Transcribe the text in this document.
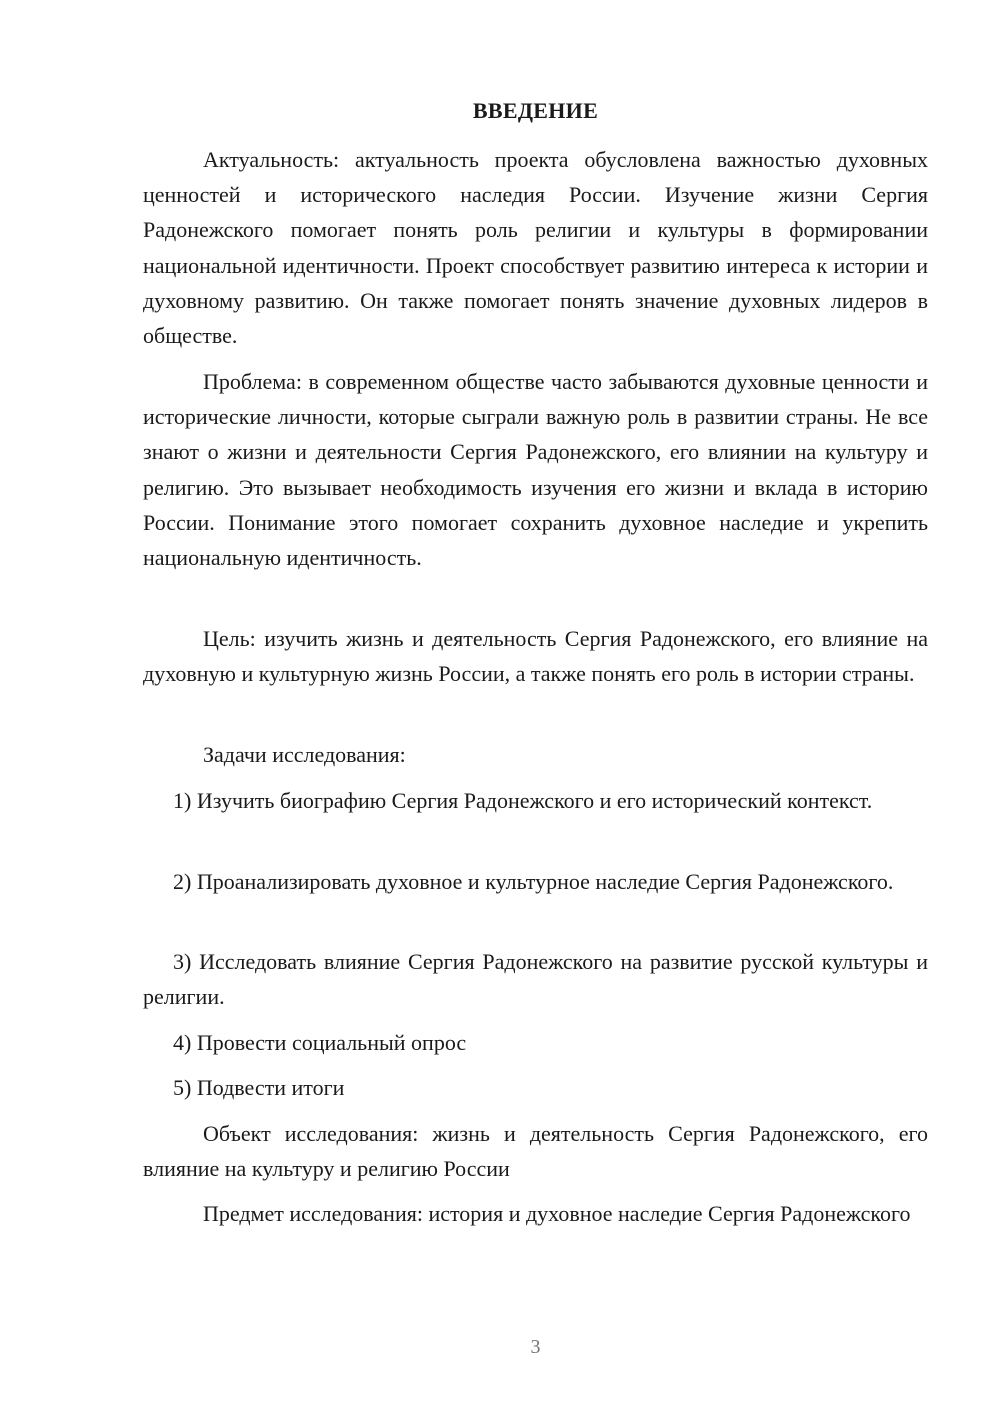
ВВЕДЕНИЕ

Актуальность: актуальность проекта обусловлена важностью духовных ценностей и исторического наследия России. Изучение жизни Сергия Радонежского помогает понять роль религии и культуры в формировании национальной идентичности. Проект способствует развитию интереса к истории и духовному развитию. Он также помогает понять значение духовных лидеров в обществе.

Проблема: в современном обществе часто забываются духовные ценности и исторические личности, которые сыграли важную роль в развитии страны. Не все знают о жизни и деятельности Сергия Радонежского, его влиянии на культуру и религию. Это вызывает необходимость изучения его жизни и вклада в историю России. Понимание этого помогает сохранить духовное наследие и укрепить национальную идентичность.

Цель: изучить жизнь и деятельность Сергия Радонежского, его влияние на духовную и культурную жизнь России, а также понять его роль в истории страны.

Задачи исследования:

1) Изучить биографию Сергия Радонежского и его исторический контекст.

2) Проанализировать духовное и культурное наследие Сергия Радонежского.

3) Исследовать влияние Сергия Радонежского на развитие русской культуры и религии.

4) Провести социальный опрос

5) Подвести итоги

Объект исследования: жизнь и деятельность Сергия Радонежского, его влияние на культуру и религию России

Предмет исследования: история и духовное наследие Сергия Радонежского

3
